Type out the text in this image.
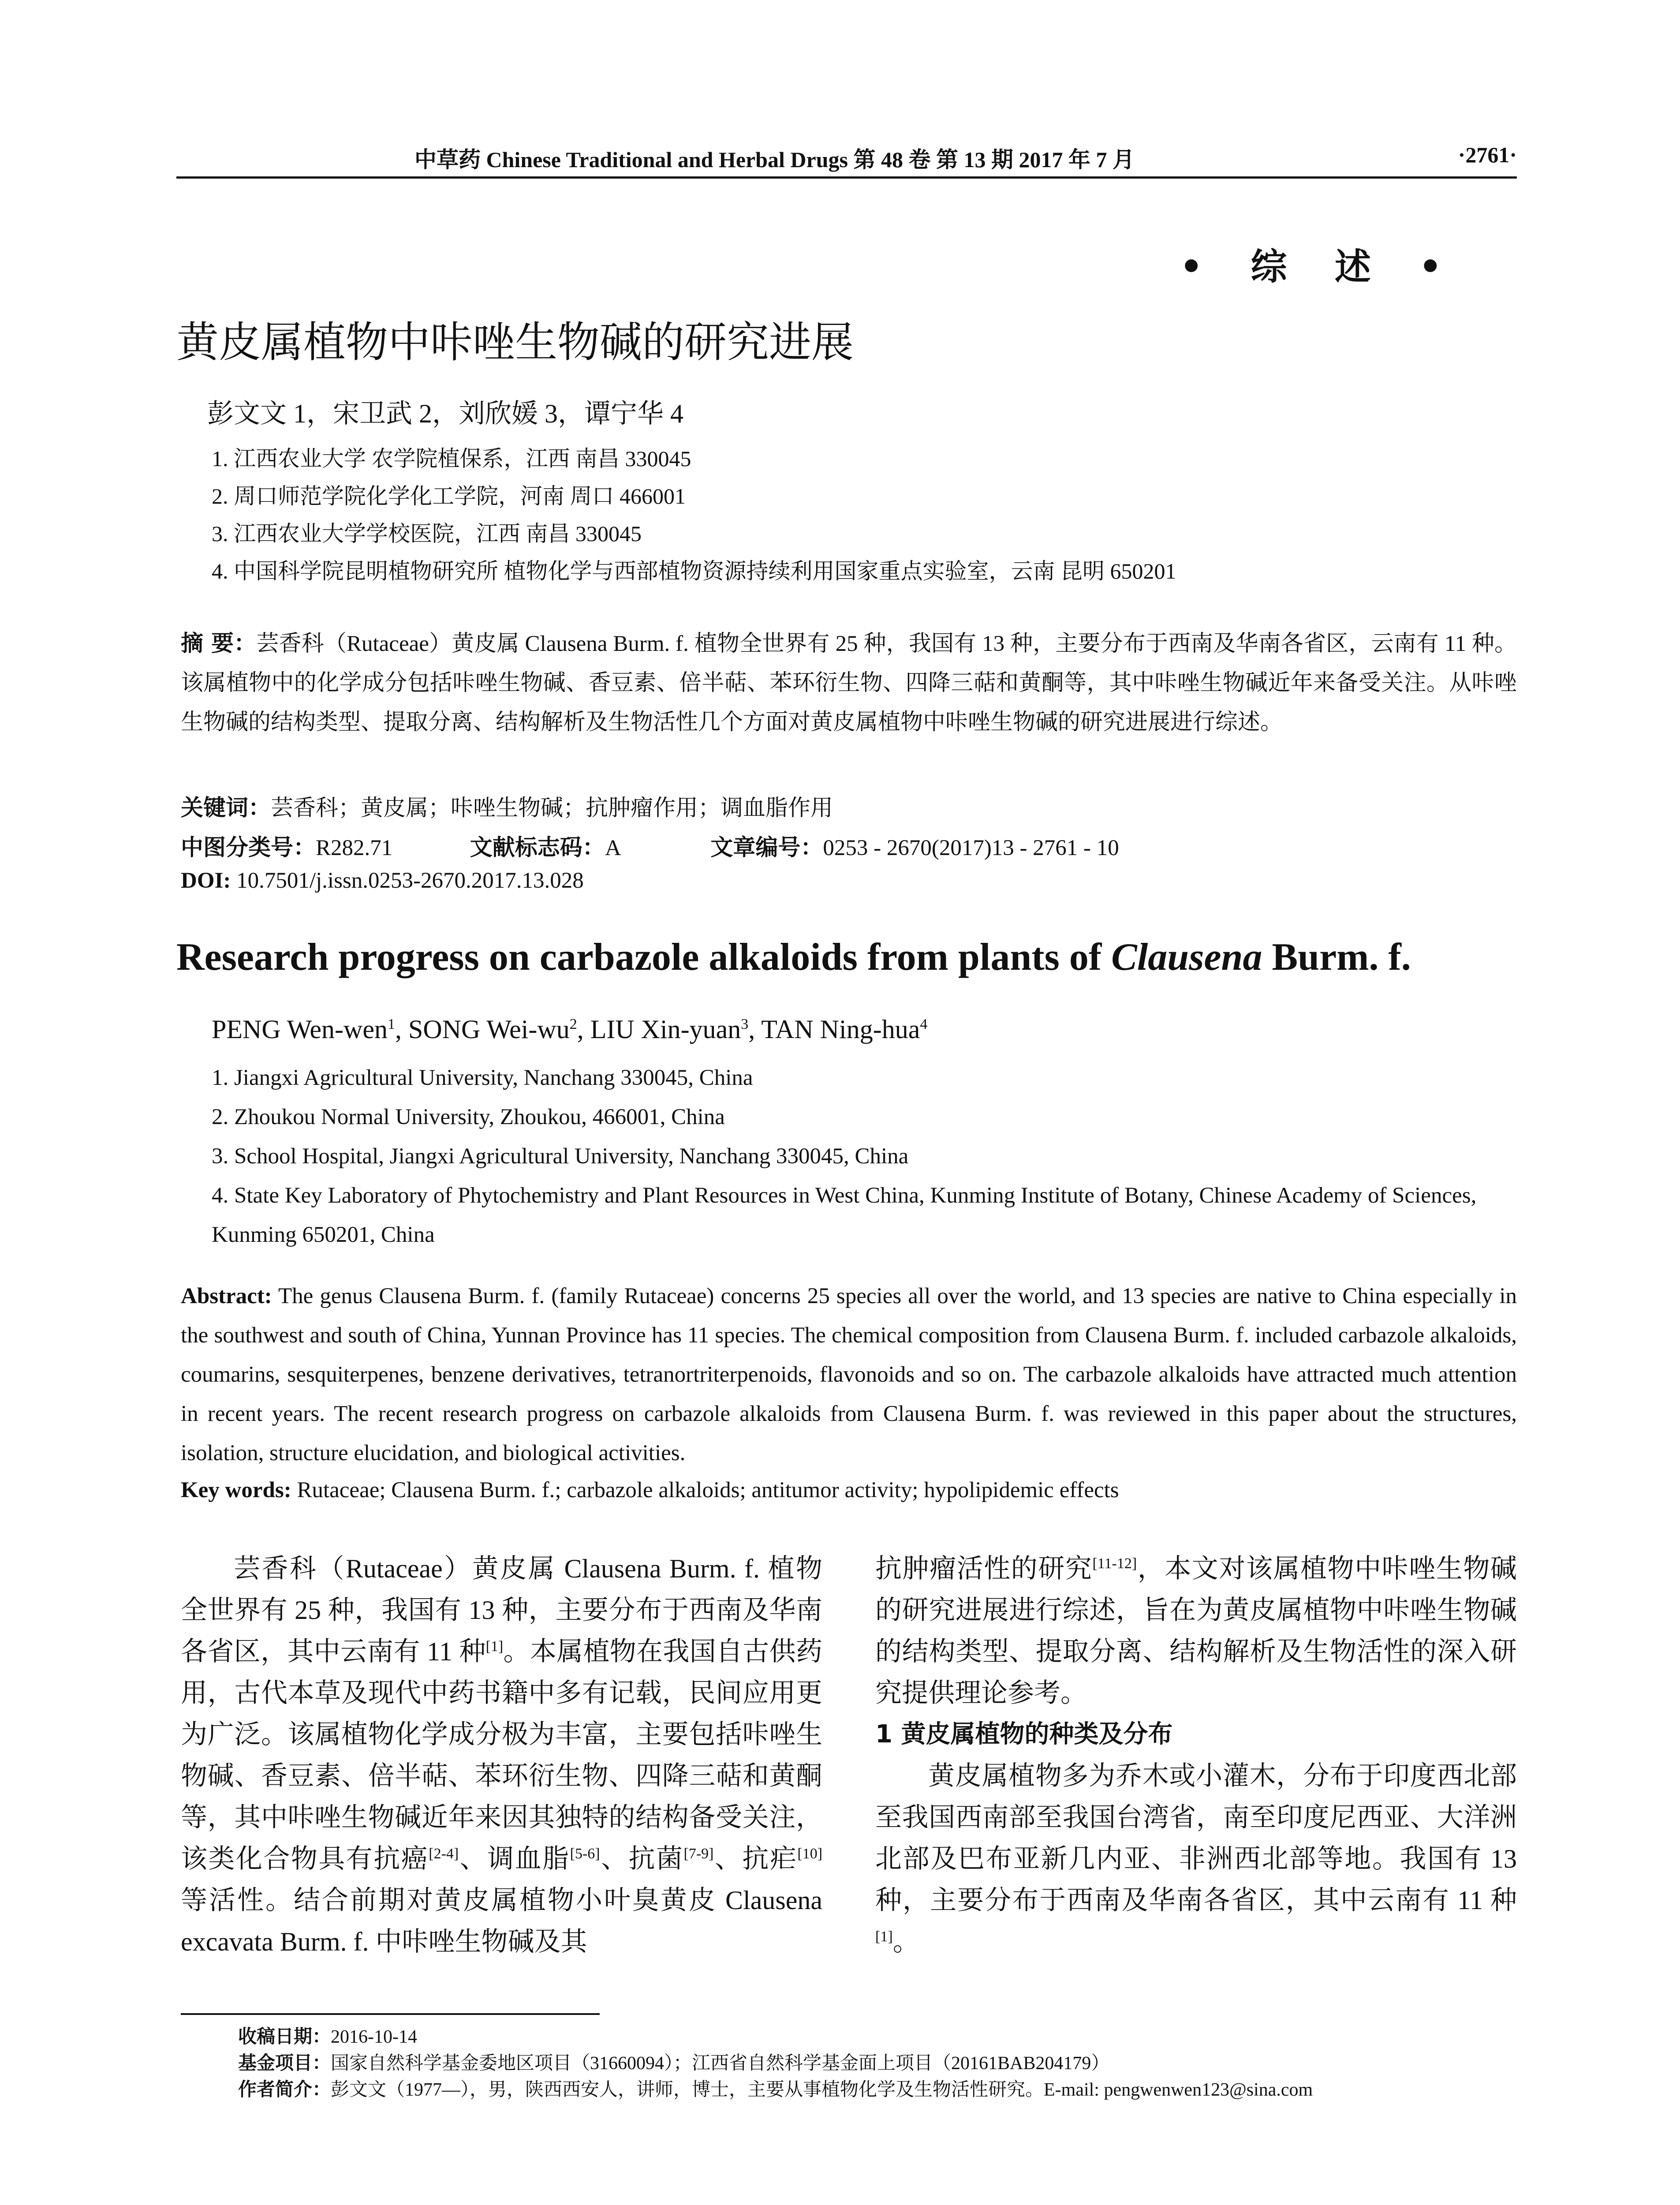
中草药 Chinese Traditional and Herbal Drugs 第 48 卷 第 13 期 2017 年 7 月	·2761·
• 综 述 •
黄皮属植物中咔唑生物碱的研究进展
彭文文 1，宋卫武 2，刘欣媛 3，谭宁华 4
1. 江西农业大学 农学院植保系，江西 南昌 330045
2. 周口师范学院化学化工学院，河南 周口 466001
3. 江西农业大学学校医院，江西 南昌 330045
4. 中国科学院昆明植物研究所 植物化学与西部植物资源持续利用国家重点实验室，云南 昆明 650201
摘 要：芸香科（Rutaceae）黄皮属 Clausena Burm. f. 植物全世界有 25 种，我国有 13 种，主要分布于西南及华南各省区，云南有 11 种。该属植物中的化学成分包括咔唑生物碱、香豆素、倍半萜、苯环衍生物、四降三萜和黄酮等，其中咔唑生物碱近年来备受关注。从咔唑生物碱的结构类型、提取分离、结构解析及生物活性几个方面对黄皮属植物中咔唑生物碱的研究进展进行综述。
关键词：芸香科；黄皮属；咔唑生物碱；抗肿瘤作用；调血脂作用
中图分类号：R282.71	文献标志码：A	文章编号：0253 - 2670(2017)13 - 2761 - 10
DOI: 10.7501/j.issn.0253-2670.2017.13.028
Research progress on carbazole alkaloids from plants of Clausena Burm. f.
PENG Wen-wen$^1$, SONG Wei-$wu^2$, LIU Xin-yuan$^3$, TAN Ning-hua$^4$
1. Jiangxi Agricultural University, Nanchang 330045, China
2. Zhoukou Normal University, Zhoukou, 466001, China
3. School Hospital, Jiangxi Agricultural University, Nanchang 330045, China
4. State Key Laboratory of Phytochemistry and Plant Resources in West China, Kunming Institute of Botany, Chinese Academy of Sciences, Kunming 650201, China
Abstract: The genus Clausena Burm. f. (family Rutaceae) concerns 25 species all over the world, and 13 species are native to China especially in the southwest and south of China, Yunnan Province has 11 species. The chemical composition from Clausena Burm. f. included carbazole alkaloids, coumarins, sesquiterpenes, benzene derivatives, tetranortriterpenoids, flavonoids and so on. The carbazole alkaloids have attracted much attention in recent years. The recent research progress on carbazole alkaloids from Clausena Burm. f. was reviewed in this paper about the structures, isolation, structure elucidation, and biological activities.
Key words: Rutaceae; Clausena Burm. f.; carbazole alkaloids; antitumor activity; hypolipidemic effects
芸香科（Rutaceae）黄皮属 Clausena Burm. f. 植物全世界有 25 种，我国有 13 种，主要分布于西南及华南各省区，其中云南有 11 种[1]。本属植物在我国自古供药用，古代本草及现代中药书籍中多有记载，民间应用更为广泛。该属植物化学成分极为丰富，主要包括咔唑生物碱、香豆素、倍半萜、苯环衍生物、四降三萜和黄酮等，其中咔唑生物碱近年来因其独特的结构备受关注，该类化合物具有抗癌[2-4]、调血脂[5-6]、抗菌[7-9]、抗疟[10]等活性。结合前期对黄皮属植物小叶臭黄皮 Clausena excavata Burm. f. 中咔唑生物碱及其
抗肿瘤活性的研究[11-12]，本文对该属植物中咔唑生物碱的研究进展进行综述，旨在为黄皮属植物中咔唑生物碱的结构类型、提取分离、结构解析及生物活性的深入研究提供理论参考。
1 黄皮属植物的种类及分布
黄皮属植物多为乔木或小灌木，分布于印度西北部至我国西南部至我国台湾省，南至印度尼西亚、大洋洲北部及巴布亚新几内亚、非洲西北部等地。我国有 13 种，主要分布于西南及华南各省区，其中云南有 11 种[1]。
收稿日期：2016-10-14
基金项目：国家自然科学基金委地区项目（31660094）；江西省自然科学基金面上项目（20161BAB204179）
作者简介：彭文文（1977—），男，陕西西安人，讲师，博士，主要从事植物化学及生物活性研究。E-mail: pengwenwen123@sina.com
